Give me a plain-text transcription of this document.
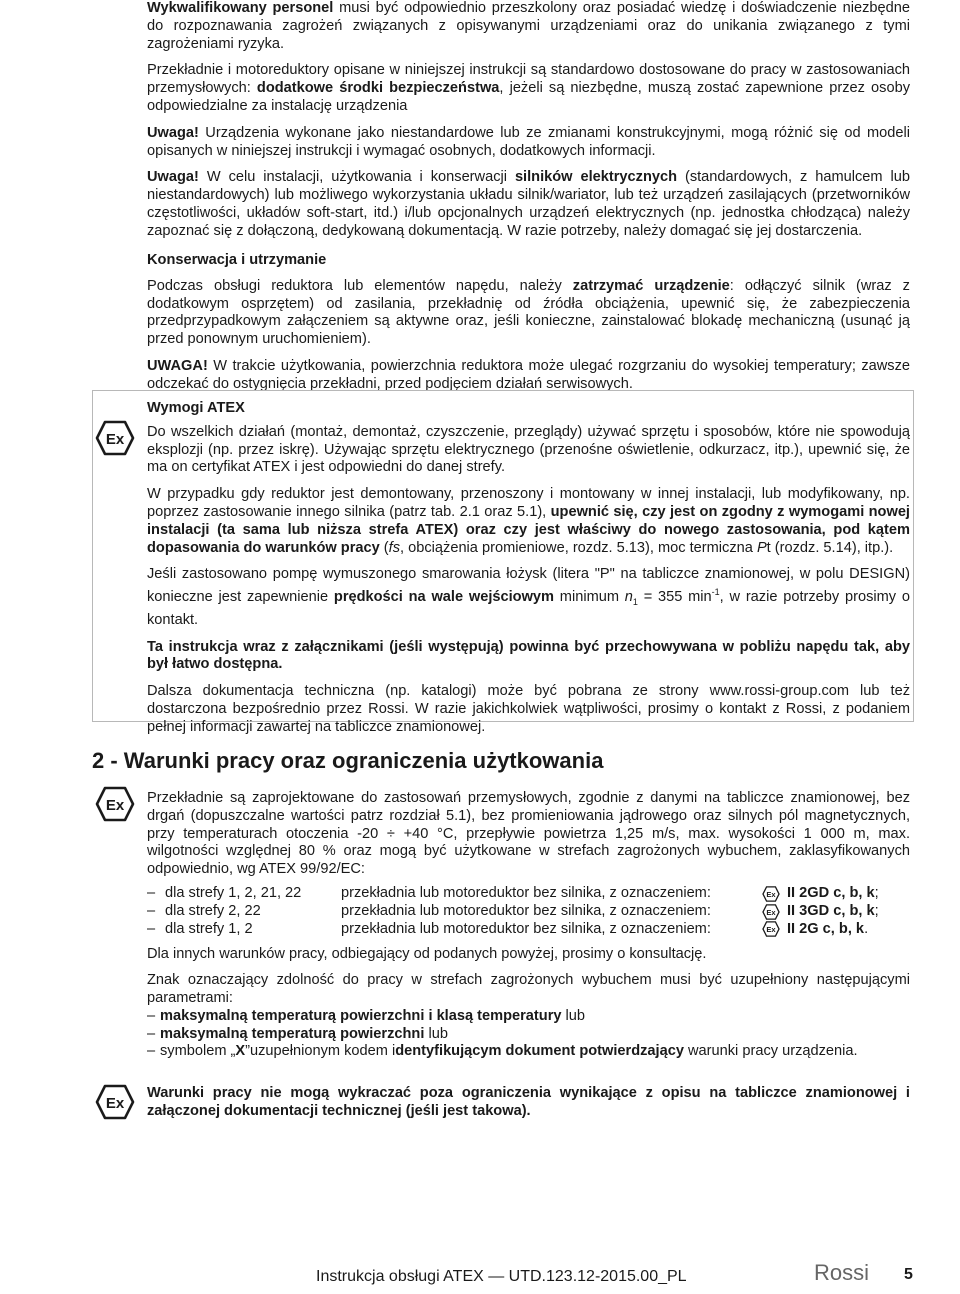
Wykwalifikowany personel musi być odpowiednio przeszkolony oraz posiadać wiedzę i doświadczenie niezbędne do rozpoznawania zagrożeń związanych z opisywanymi urządzeniami oraz do unikania związanego z tymi zagrożeniami ryzyka.

Przekładnie i motoreduktory opisane w niniejszej instrukcji są standardowo dostosowane do pracy w zastosowaniach przemysłowych: dodatkowe środki bezpieczeństwa, jeżeli są niezbędne, muszą zostać zapewnione przez osoby odpowiedzialne za instalację urządzenia

Uwaga! Urządzenia wykonane jako niestandardowe lub ze zmianami konstrukcyjnymi, mogą różnić się od modeli opisanych w niniejszej instrukcji i wymagać osobnych, dodatkowych informacji.

Uwaga! W celu instalacji, użytkowania i konserwacji silników elektrycznych (standardowych, z hamulcem lub niestandardowych) lub możliwego wykorzystania układu silnik/wariator, lub też urządzeń zasilających (przetworników częstotliwości, układów soft-start, itd.) i/lub opcjonalnych urządzeń elektrycznych (np. jednostka chłodząca) należy zapoznać się z dołączoną, dedykowaną dokumentacją. W razie potrzeby, należy domagać się jej dostarczenia.

Konserwacja i utrzymanie

Podczas obsługi reduktora lub elementów napędu, należy zatrzymać urządzenie: odłączyć silnik (wraz z dodatkowym osprzętem) od zasilania, przekładnię od źródła obciążenia, upewnić się, że zabezpieczenia przedprzypadkowym załączeniem są aktywne oraz, jeśli konieczne, zainstalować blokadę mechaniczną (usunąć ją przed ponownym uruchomieniem).

UWAGA! W trakcie użytkowania, powierzchnia reduktora może ulegać rozgrzaniu do wysokiej temperatury; zawsze odczekać do ostygnięcia przekładni, przed podjęciem działań serwisowych.

Ex

Wymogi ATEX

Do wszelkich działań (montaż, demontaż, czyszczenie, przeglądy) używać sprzętu i sposobów, które nie spowodują eksplozji (np. przez iskrę). Używając sprzętu elektrycznego (przenośne oświetlenie, odkurzacz, itp.), upewnić się, że ma on certyfikat ATEX i jest odpowiedni do danej strefy.

W przypadku gdy reduktor jest demontowany, przenoszony i montowany w innej instalacji, lub modyfikowany, np. poprzez zastosowanie innego silnika (patrz tab. 2.1 oraz 5.1), upewnić się, czy jest on zgodny z wymogami nowej instalacji (ta sama lub niższa strefa ATEX) oraz czy jest właściwy do nowego zastosowania, pod kątem dopasowania do warunków pracy (fs, obciążenia promieniowe, rozdz. 5.13), moc termiczna Pt (rozdz. 5.14), itp.).

Jeśli zastosowano pompę wymuszonego smarowania łożysk (litera "P" na tabliczce znamionowej, w polu DESIGN) konieczne jest zapewnienie prędkości na wale wejściowym minimum $n_1 = 355$ $\min^{-1}$, w razie potrzeby prosimy o kontakt.

Ta instrukcja wraz z załącznikami (jeśli występują) powinna być przechowywana w pobliżu napędu tak, aby był łatwo dostępna.

Dalsza dokumentacja techniczna (np. katalogi) może być pobrana ze strony www.rossi-group.com lub też dostarczona bezpośrednio przez Rossi. W razie jakichkolwiek wątpliwości, prosimy o kontakt z Rossi, z podaniem pełnej informacji zawartej na tabliczce znamionowej.

2 - Warunki pracy oraz ograniczenia użytkowania
Ex Przekładnie są zaprojektowane do zastosowań przemysłowych, zgodnie z danymi na tabliczce znamionowej, bez drgań (dopuszczalne wartości patrz rozdział 5.1), bez promieniowania jądrowego oraz silnych pól magnetycznych, przy temperaturach otoczenia -20 ÷ +40 °C, przepływie powietrza 1,25 m/s, max. wysokości 1 000 m, max. wilgotności względnej 80 % oraz mogą być użytkowane w strefach zagrożonych wybuchem, zaklasyfikowanych odpowiednio, wg ATEX 99/92/EC:

– dla strefy 1, 2, 21, 22	przekładnia lub motoreduktor bez silnika, z oznaczeniem:	Ex II 2GD c, b, k ;
– dla strefy 2, 22	przekładnia lub motoreduktor bez silnika, z oznaczeniem:	Ex II 3GD c, b, k ;
– dla strefy 1, 2	przekładnia lub motoreduktor bez silnika, z oznaczeniem:	Ex II 2G c, b, k .

Dla innych warunków pracy, odbiegający od podanych powyżej, prosimy o konsultację.

Znak oznaczający zdolność do pracy w strefach zagrożonych wybuchem musi być uzupełniony następującymi parametrami:

– maksymalną temperaturą powierzchni i klasą temperatury lub
– maksymalną temperaturą powierzchni lub
– symbolem „X”uzupełnionym kodem identyfikującym dokument potwierdzający warunki pracy urządzenia.
Ex

Warunki pracy nie mogą wykraczać poza ograniczenia wynikające z opisu na tabliczce znamionowej i załączonej dokumentacji technicznej (jeśli jest takowa).

Instrukcja obsługi ATEX — UTD.123.12-2015.00_PL	Rossi 5
